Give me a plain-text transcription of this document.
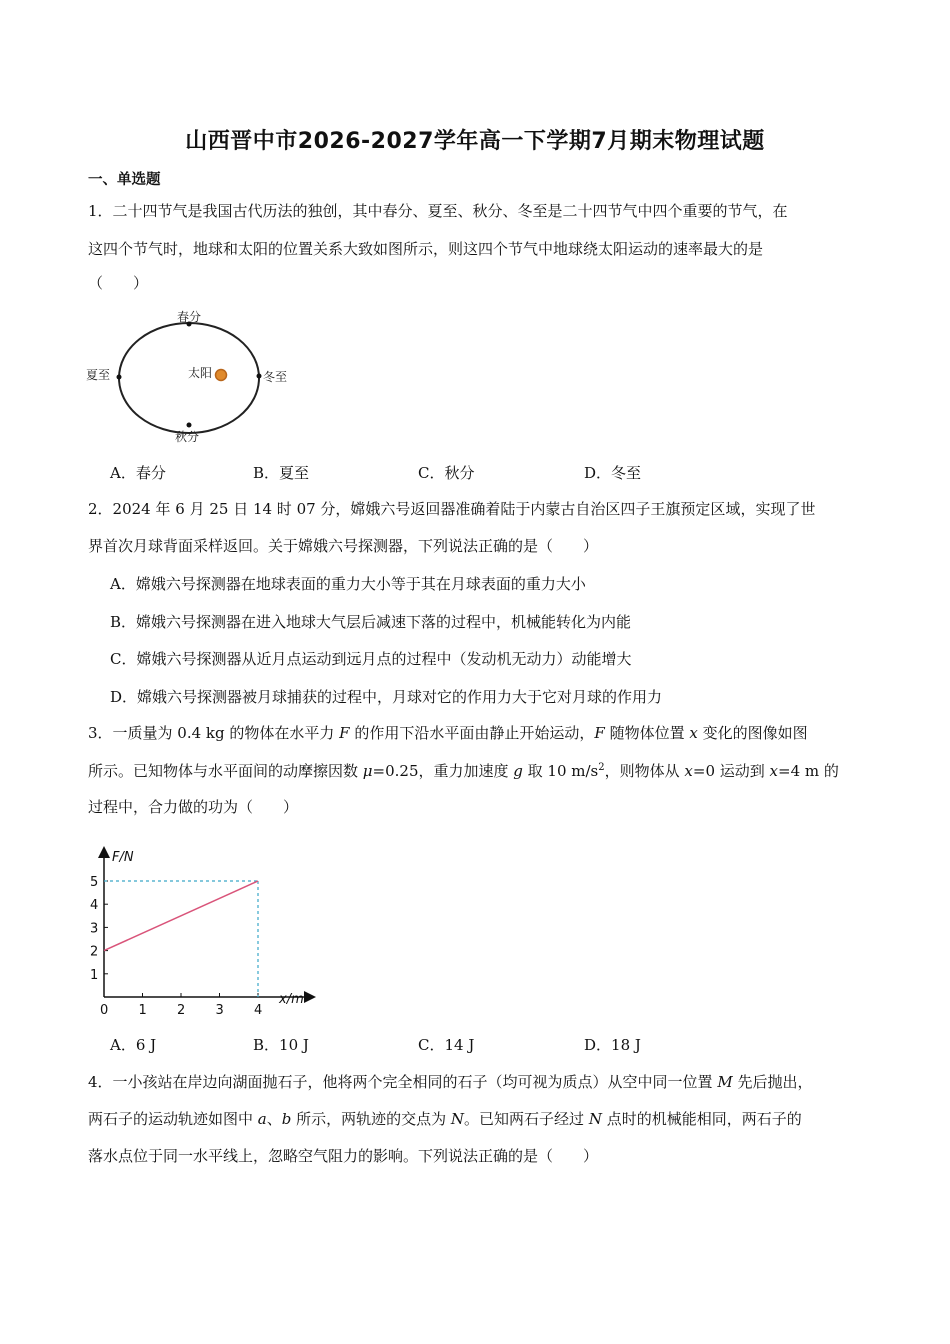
山西晋中市2026-2027学年高一下学期7月期末物理试题
一、单选题
1．二十四节气是我国古代历法的独创，其中春分、夏至、秋分、冬至是二十四节气中四个重要的节气，在
这四个节气时，地球和太阳的位置关系大致如图所示，则这四个节气中地球绕太阳运动的速率最大的是
（　　）
太阳
春分
夏至	冬至
秋分
A．春分	B．夏至	C．秋分	D．冬至
2．2024 年 6 月 25 日 14 时 07 分，嫦娥六号返回器准确着陆于内蒙古自治区四子王旗预定区域，实现了世
界首次月球背面采样返回。关于嫦娥六号探测器，下列说法正确的是（　　）
A．嫦娥六号探测器在地球表面的重力大小等于其在月球表面的重力大小
B．嫦娥六号探测器在进入地球大气层后减速下落的过程中，机械能转化为内能
C．嫦娥六号探测器从近月点运动到远月点的过程中（发动机无动力）动能增大
D．嫦娥六号探测器被月球捕获的过程中，月球对它的作用力大于它对月球的作用力
3．一质量为 0.4 kg 的物体在水平力 F 的作用下沿水平面由静止开始运动，F 随物体位置 x 变化的图像如图
所示。已知物体与水平面间的动摩擦因数 μ=0.25，重力加速度 g 取 10 $m/s^2$，则物体从 x=0 运动到 x=4 m 的
过程中，合力做的功为（　　）
F/N
x/m
0 1 2 3 4
1
2
3
4
5
A．6 J	B．10 J	C．14 J	D．18 J
4．一小孩站在岸边向湖面抛石子，他将两个完全相同的石子（均可视为质点）从空中同一位置 M 先后抛出，
两石子的运动轨迹如图中 a、b 所示，两轨迹的交点为 N。已知两石子经过 N 点时的机械能相同，两石子的
落水点位于同一水平线上，忽略空气阻力的影响。下列说法正确的是（　　）
